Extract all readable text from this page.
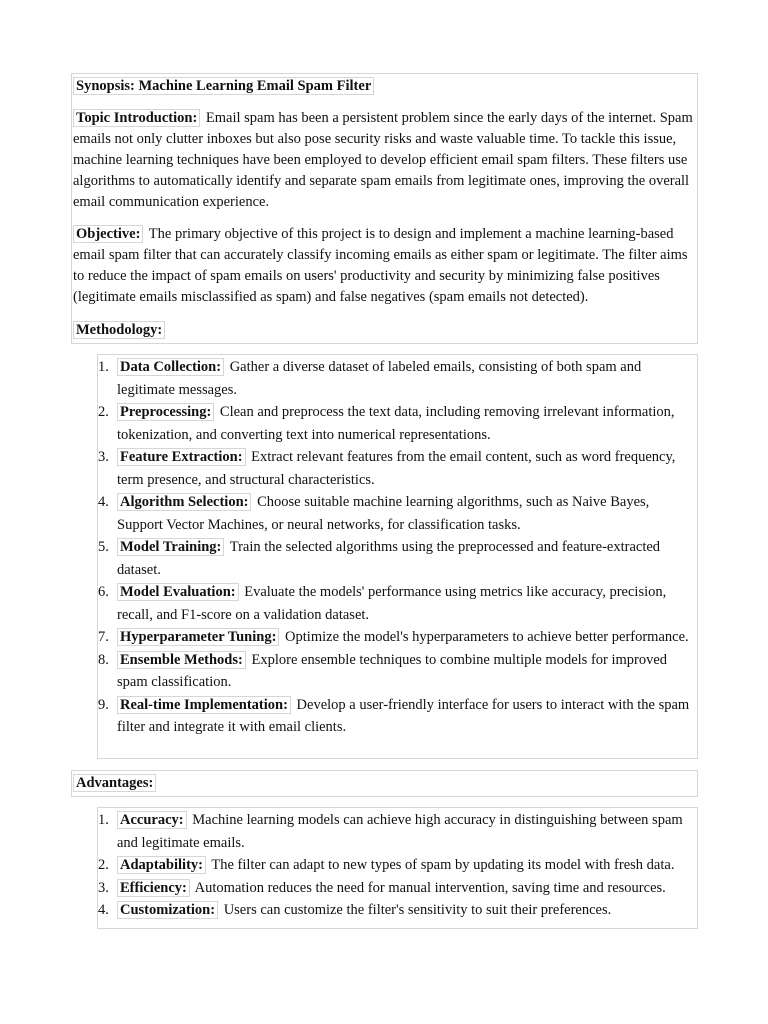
Synopsis: Machine Learning Email Spam Filter

Topic Introduction: Email spam has been a persistent problem since the early days of the internet. Spam emails not only clutter inboxes but also pose security risks and waste valuable time. To tackle this issue, machine learning techniques have been employed to develop efficient email spam filters. These filters use algorithms to automatically identify and separate spam emails from legitimate ones, improving the overall email communication experience.

Objective: The primary objective of this project is to design and implement a machine learning-based email spam filter that can accurately classify incoming emails as either spam or legitimate. The filter aims to reduce the impact of spam emails on users' productivity and security by minimizing false positives (legitimate emails misclassified as spam) and false negatives (spam emails not detected).

Methodology:
1. Data Collection: Gather a diverse dataset of labeled emails, consisting of both spam and legitimate messages.
2. Preprocessing: Clean and preprocess the text data, including removing irrelevant information, tokenization, and converting text into numerical representations.
3. Feature Extraction: Extract relevant features from the email content, such as word frequency, term presence, and structural characteristics.
4. Algorithm Selection: Choose suitable machine learning algorithms, such as Naive Bayes, Support Vector Machines, or neural networks, for classification tasks.
5. Model Training: Train the selected algorithms using the preprocessed and feature-extracted dataset.
6. Model Evaluation: Evaluate the models' performance using metrics like accuracy, precision, recall, and F1-score on a validation dataset.
7. Hyperparameter Tuning: Optimize the model's hyperparameters to achieve better performance.
8. Ensemble Methods: Explore ensemble techniques to combine multiple models for improved spam classification.
9. Real-time Implementation: Develop a user-friendly interface for users to interact with the spam filter and integrate it with email clients.
Advantages:
1. Accuracy: Machine learning models can achieve high accuracy in distinguishing between spam and legitimate emails.
2. Adaptability: The filter can adapt to new types of spam by updating its model with fresh data.
3. Efficiency: Automation reduces the need for manual intervention, saving time and resources.
4. Customization: Users can customize the filter's sensitivity to suit their preferences.
